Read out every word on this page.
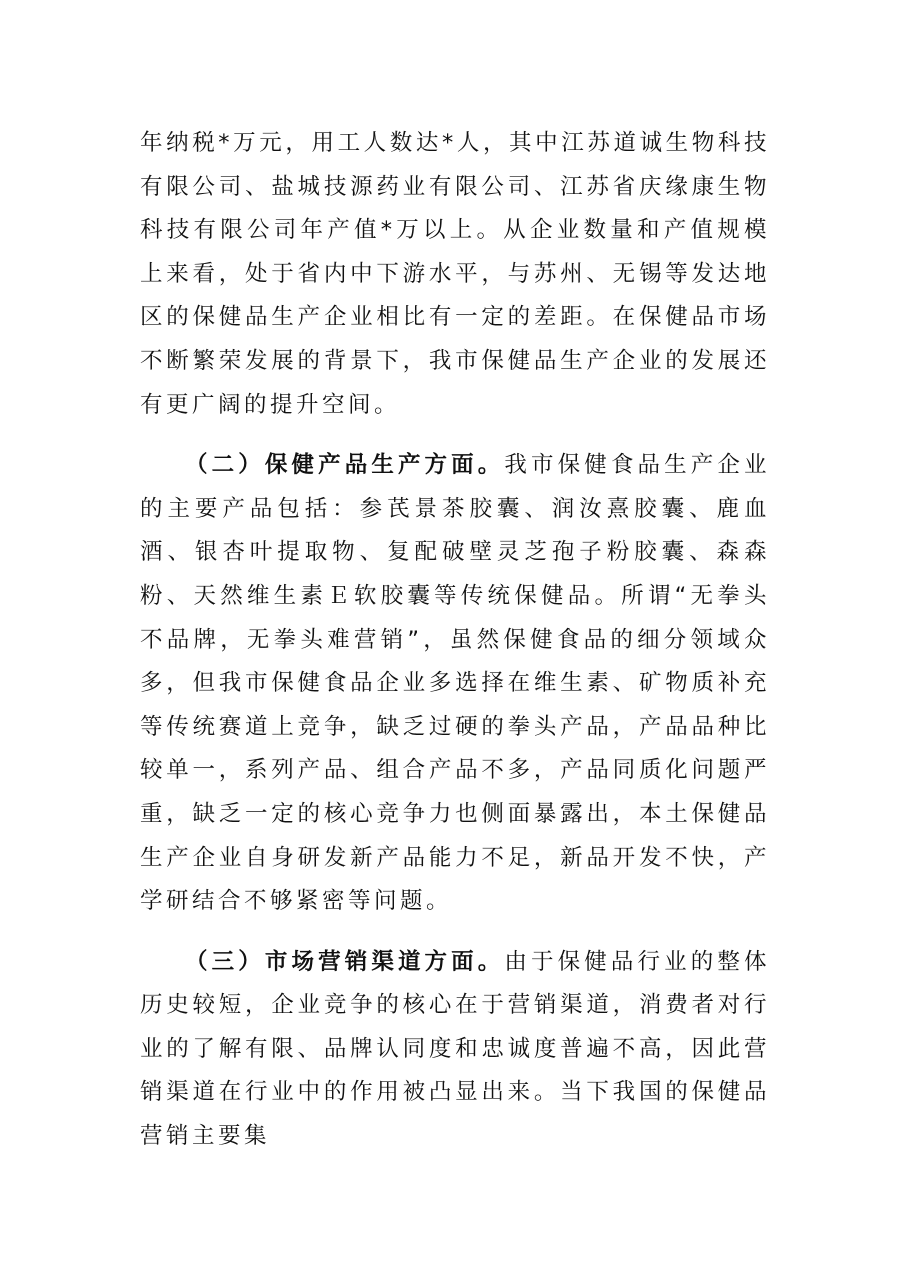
年纳税*万元，用工人数达*人，其中江苏道诚生物科技有限公司、盐城技源药业有限公司、江苏省庆缘康生物科技有限公司年产值*万以上。从企业数量和产值规模上来看，处于省内中下游水平，与苏州、无锡等发达地区的保健品生产企业相比有一定的差距。在保健品市场不断繁荣发展的背景下，我市保健品生产企业的发展还有更广阔的提升空间。

（二）保健产品生产方面。我市保健食品生产企业的主要产品包括：参芪景茶胶囊、润汝熹胶囊、鹿血酒、银杏叶提取物、复配破壁灵芝孢子粉胶囊、森森粉、天然维生素Ｅ软胶囊等传统保健品。所谓“无拳头不品牌，无拳头难营销”，虽然保健食品的细分领域众多，但我市保健食品企业多选择在维生素、矿物质补充等传统赛道上竞争，缺乏过硬的拳头产品，产品品种比较单一，系列产品、组合产品不多，产品同质化问题严重，缺乏一定的核心竞争力也侧面暴露出，本土保健品生产企业自身研发新产品能力不足，新品开发不快，产学研结合不够紧密等问题。

（三）市场营销渠道方面。由于保健品行业的整体历史较短，企业竞争的核心在于营销渠道，消费者对行业的了解有限、品牌认同度和忠诚度普遍不高，因此营销渠道在行业中的作用被凸显出来。当下我国的保健品营销主要集
